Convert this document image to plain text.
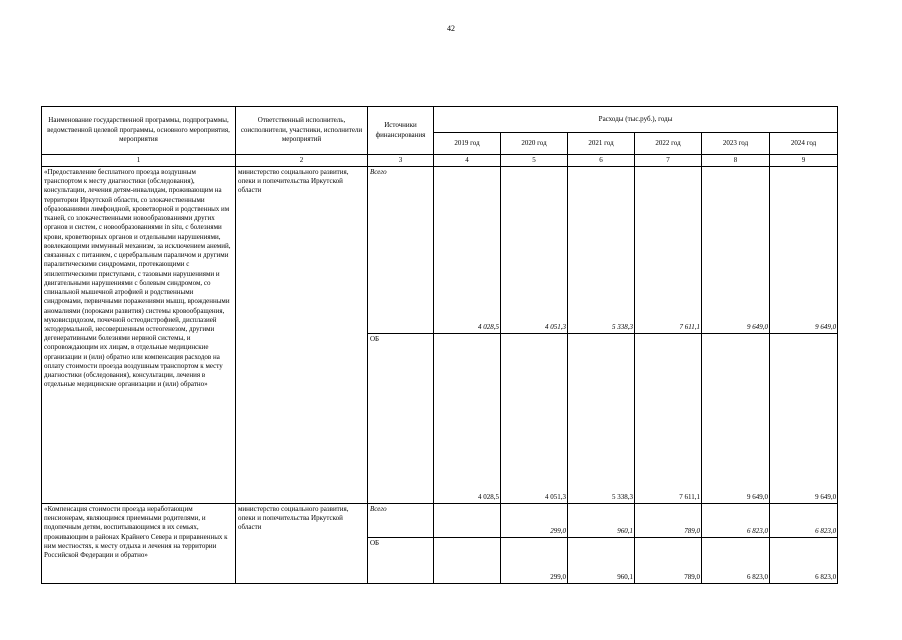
42
Наименование государственной программы, подпрограммы, ведомственной целевой программы, основного мероприятия, мероприятия	Ответственный исполнитель, соисполнители, участники, исполнители мероприятий	Источники финансирования	Расходы (тыс.руб.), годы					
			2019 год	2020 год	2021 год	2022 год	2023 год	2024 год
1	2	3	4	5	6	7	8	9
«Предоставление бесплатного проезда воздушным транспортом к месту диагностики (обследования), консультации, лечения детям-инвалидам, проживающим на территории Иркутской области, со злокачественными образованиями лимфоидной, кроветворной и родственных им тканей, со злокачественными новообразованиями других органов и систем, с новообразованиями in situ, с болезнями крови, кроветворных органов и отдельными нарушениями, вовлекающими иммунный механизм, за исключением анемий, связанных с питанием, с церебральным параличом и другими паралитическими синдромами, протекающими с эпилептическими приступами, с тазовыми нарушениями и двигательными нарушениями с болевым синдромом, со спинальной мышечной атрофией и родственными синдромами, первичными поражениями мышц, врожденными аномалиями (пороками развития) системы кровообращения, муковисцидозом, почечной остеодистрофией, дисплазией эктодермальной, несовершенным остеогенезом, другими дегенеративными болезнями нервной системы, и сопровождающим их лицам, в отдельные медицинские организации и (или) обратно или компенсация расходов на оплату стоимости проезда воздушным транспортом к месту диагностики (обследования), консультации, лечения в отдельные медицинские организации и (или) обратно»	министерство социального развития, опеки и попечительства Иркутской области	Всего	4 028,5	4 051,3	5 338,3	7 611,1	9 649,0	9 649,0
		ОБ	4 028,5	4 051,3	5 338,3	7 611,1	9 649,0	9 649,0
«Компенсация стоимости проезда неработающим пенсионерам, являющимся приемными родителями, и подопечным детям, воспитывающимся в их семьях, проживающим в районах Крайнего Севера и приравненных к ним местностях, к месту отдыха и лечения на территории Российской Федерации и обратно»	министерство социального развития, опеки и попечительства Иркутской области	Всего		299,0	960,1	789,0	6 823,0	6 823,0
		ОБ		299,0	960,1	789,0	6 823,0	6 823,0
